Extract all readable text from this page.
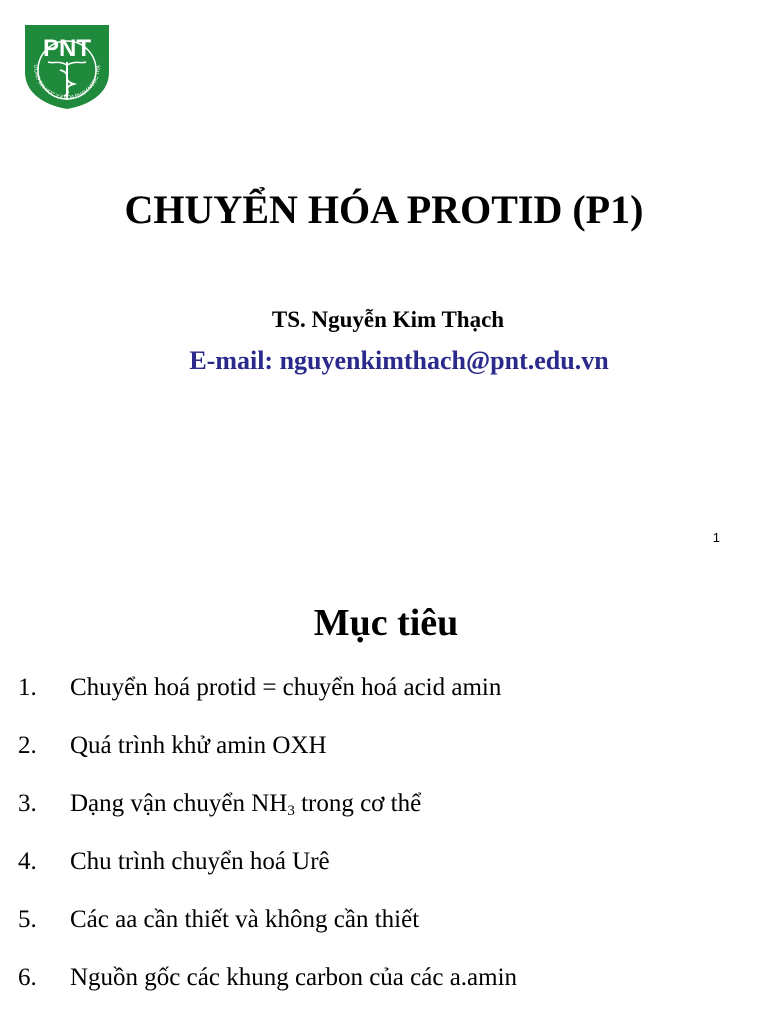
PNT
ƯỜNG ĐẠI HỌC Y KHOA PHẠM NGỌC THẠ
CHUYỂN HÓA PROTID (P1)
TS. Nguyễn Kim Thạch
E-mail: nguyenkimthach@pnt.edu.vn
1
Mục tiêu
1. Chuyển hoá protid = chuyển hoá acid amin
2. Quá trình khử amin OXH
3. Dạng vận chuyển $NH_3$ trong cơ thể
4. Chu trình chuyển hoá Urê
5. Các aa cần thiết và không cần thiết
6. Nguồn gốc các khung carbon của các a.amin
